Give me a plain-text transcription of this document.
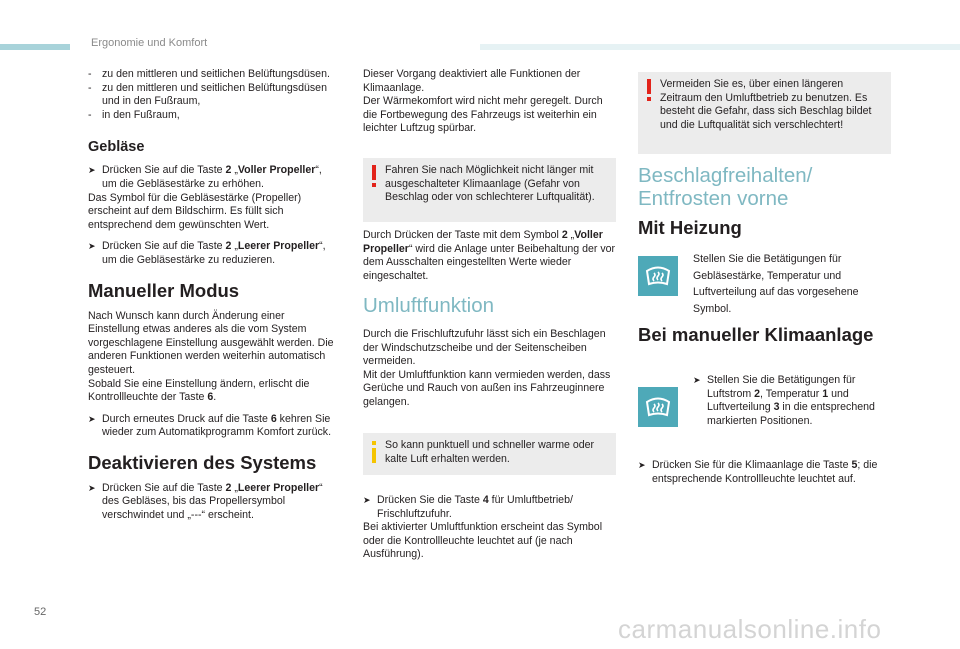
Ergonomie und Komfort

- zu den mittleren und seitlichen Belüftungsdüsen.

- zu den mittleren und seitlichen Belüftungsdüsen und in den Fußraum,

- in den Fußraum,

Gebläse

➤ Drücken Sie auf die Taste 2 „Voller Propeller“, um die Gebläsestärke zu erhöhen.

Das Symbol für die Gebläsestärke (Propeller) erscheint auf dem Bildschirm. Es füllt sich entsprechend dem gewünschten Wert.

➤ Drücken Sie auf die Taste 2 „Leerer Propeller“, um die Gebläsestärke zu reduzieren.

Manueller Modus

Nach Wunsch kann durch Änderung einer Einstellung etwas anderes als die vom System vorgeschlagene Einstellung ausgewählt werden. Die anderen Funktionen werden weiterhin automatisch gesteuert.

Sobald Sie eine Einstellung ändern, erlischt die Kontrollleuchte der Taste 6.

➤ Durch erneutes Druck auf die Taste 6 kehren Sie wieder zum Automatikprogramm Komfort zurück.

Deaktivieren des Systems

➤ Drücken Sie auf die Taste 2 „Leerer Propeller“ des Gebläses, bis das Propellersymbol verschwindet und „---“ erscheint.

Dieser Vorgang deaktiviert alle Funktionen der Klimaanlage.

Der Wärmekomfort wird nicht mehr geregelt. Durch die Fortbewegung des Fahrzeugs ist weiterhin ein leichter Luftzug spürbar.

Fahren Sie nach Möglichkeit nicht länger mit ausgeschalteter Klimaanlage (Gefahr von Beschlag oder von schlechterer Luftqualität).
Durch Drücken der Taste mit dem Symbol 2 „Voller Propeller“ wird die Anlage unter Beibehaltung der vor dem Ausschalten eingestellten Werte wieder eingeschaltet.
Umluftfunktion

Durch die Frischluftzufuhr lässt sich ein Beschlagen der Windschutzscheibe und der Seitenscheiben vermeiden.

Mit der Umluftfunktion kann vermieden werden, dass Gerüche und Rauch von außen ins Fahrzeuginnere gelangen.

So kann punktuell und schneller warme oder kalte Luft erhalten werden.

➤ Drücken Sie die Taste 4 für Umluftbetrieb/ Frischluftzufuhr.

Bei aktivierter Umluftfunktion erscheint das Symbol oder die Kontrollleuchte leuchtet auf (je nach Ausführung).

Vermeiden Sie es, über einen längeren Zeitraum den Umluftbetrieb zu benutzen. Es besteht die Gefahr, dass sich Beschlag bildet und die Luftqualität sich verschlechtert!
Beschlagfreihalten/
Entfrosten vorne
Mit Heizung
Stellen Sie die Betätigungen für Gebläsestärke, Temperatur und Luftverteilung auf das vorgesehene Symbol.
Bei manueller Klimaanlage

➤ Stellen Sie die Betätigungen für Luftstrom 2, Temperatur 1 und Luftverteilung 3 in die entsprechend markierten Positionen.

➤ Drücken Sie für die Klimaanlage die Taste 5; die entsprechende Kontrollleuchte leuchtet auf.

52
carmanualsonline.info
